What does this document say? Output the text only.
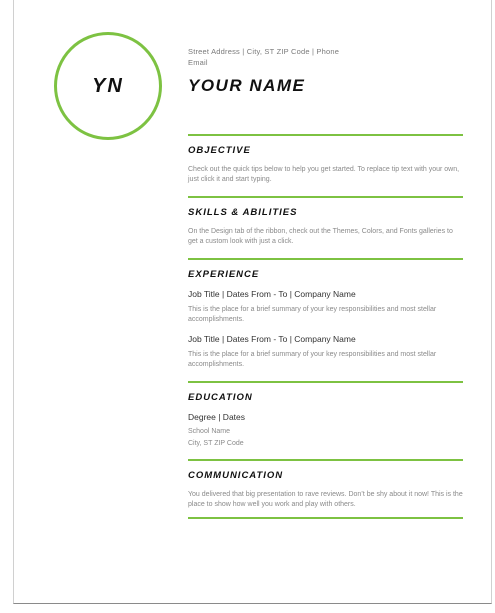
YN
Street Address | City, ST ZIP Code | Phone
Email
YOUR NAME
OBJECTIVE
Check out the quick tips below to help you get started. To replace tip text with your own, just click it and start typing.
SKILLS & ABILITIES
On the Design tab of the ribbon, check out the Themes, Colors, and Fonts galleries to get a custom look with just a click.
EXPERIENCE
Job Title | Dates From - To | Company Name
This is the place for a brief summary of your key responsibilities and most stellar accomplishments.
Job Title | Dates From - To | Company Name
This is the place for a brief summary of your key responsibilities and most stellar accomplishments.
EDUCATION
Degree | Dates
School Name
City, ST ZIP Code
COMMUNICATION
You delivered that big presentation to rave reviews. Don’t be shy about it now! This is the place to show how well you work and play with others.
